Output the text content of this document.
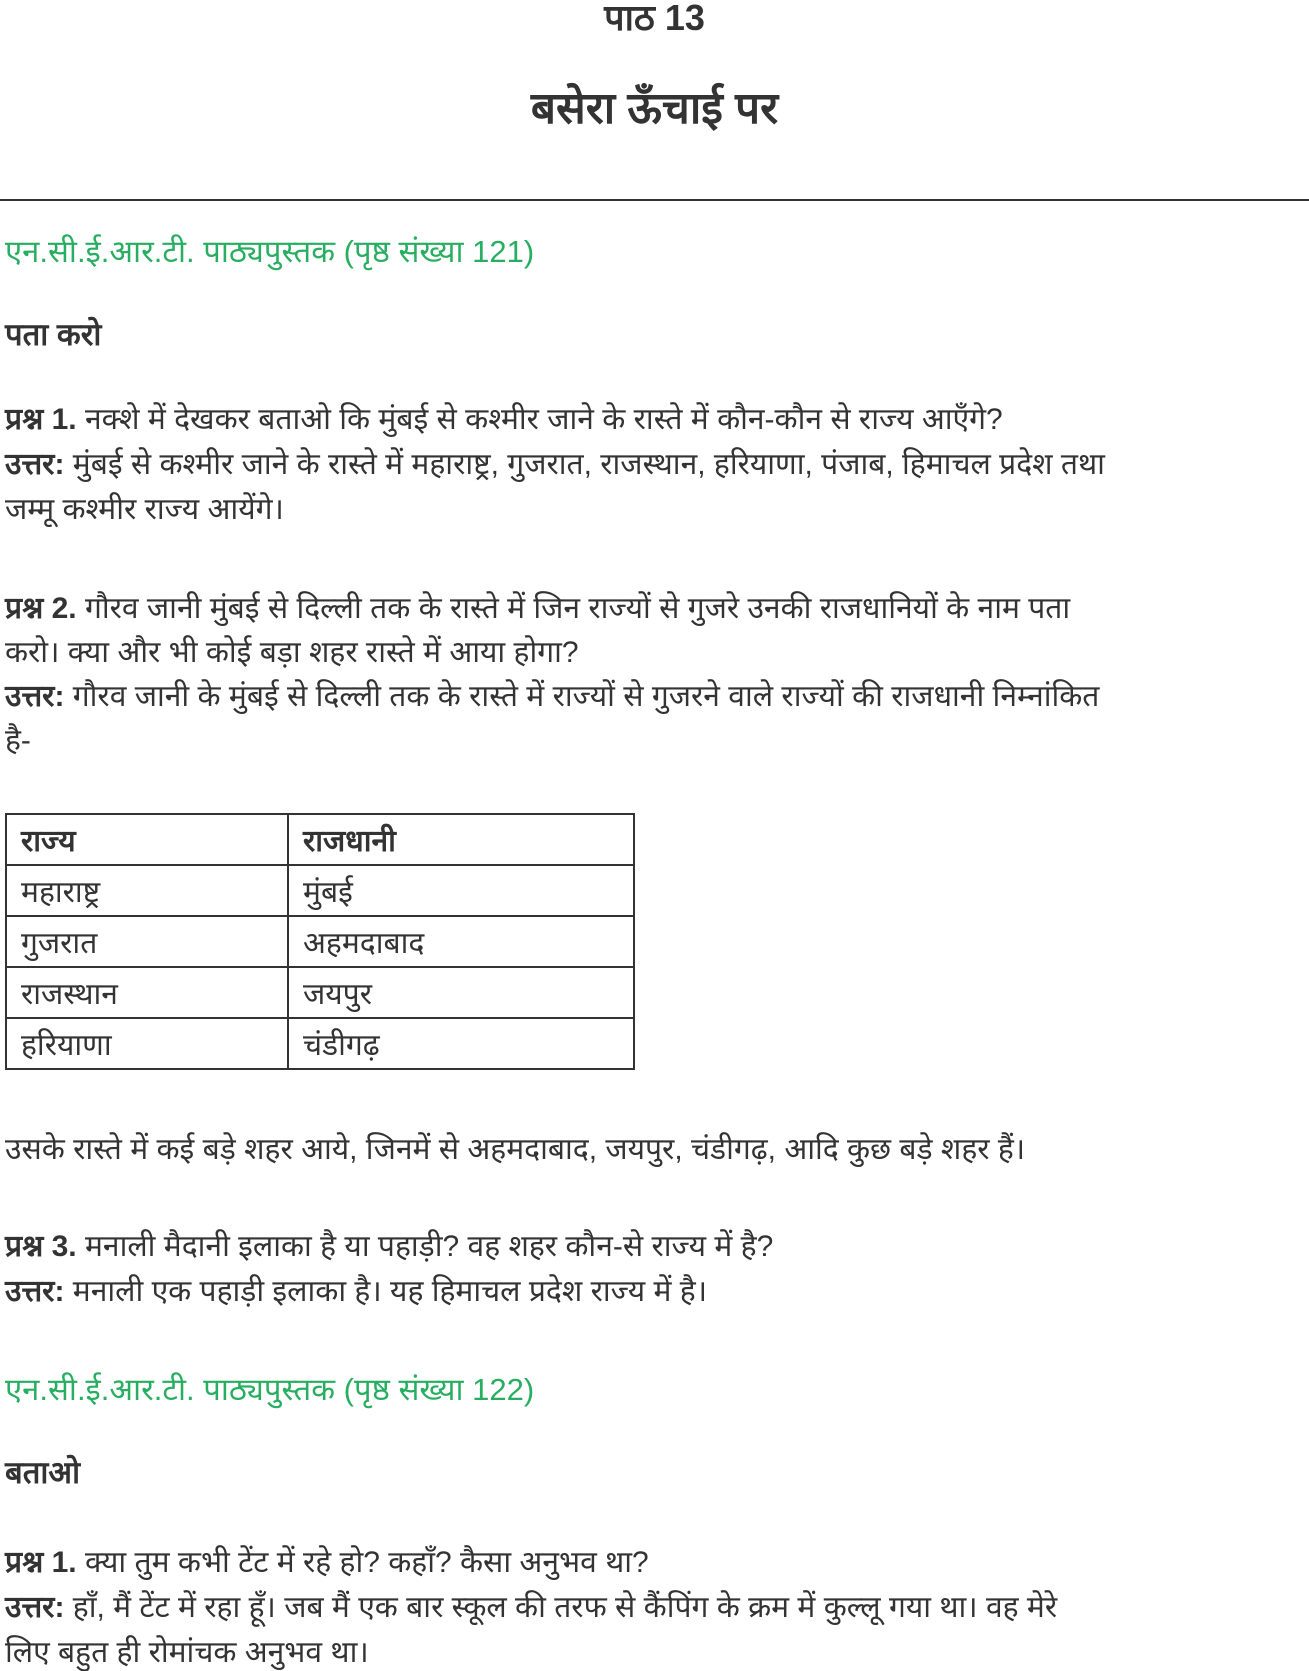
पाठ 13
बसेरा ऊँचाई पर
एन.सी.ई.आर.टी. पाठ्यपुस्तक (पृष्ठ संख्या 121)
पता करो
प्रश्न 1. नक्शे में देखकर बताओ कि मुंबई से कश्मीर जाने के रास्ते में कौन-कौन से राज्य आएँगे?
उत्तर: मुंबई से कश्मीर जाने के रास्ते में महाराष्ट्र, गुजरात, राजस्थान, हरियाणा, पंजाब, हिमाचल प्रदेश तथा
जम्मू कश्मीर राज्य आयेंगे।
प्रश्न 2. गौरव जानी मुंबई से दिल्ली तक के रास्ते में जिन राज्यों से गुजरे उनकी राजधानियों के नाम पता
करो। क्या और भी कोई बड़ा शहर रास्ते में आया होगा?
उत्तर: गौरव जानी के मुंबई से दिल्ली तक के रास्ते में राज्यों से गुजरने वाले राज्यों की राजधानी निम्नांकित
है-
राज्य	राजधानी
महाराष्ट्र	मुंबई
गुजरात	अहमदाबाद
राजस्थान	जयपुर
हरियाणा	चंडीगढ़
उसके रास्ते में कई बड़े शहर आये, जिनमें से अहमदाबाद, जयपुर, चंडीगढ़, आदि कुछ बड़े शहर हैं।
प्रश्न 3. मनाली मैदानी इलाका है या पहाड़ी? वह शहर कौन-से राज्य में है?
उत्तर: मनाली एक पहाड़ी इलाका है। यह हिमाचल प्रदेश राज्य में है।
एन.सी.ई.आर.टी. पाठ्यपुस्तक (पृष्ठ संख्या 122)
बताओ
प्रश्न 1. क्या तुम कभी टेंट में रहे हो? कहाँ? कैसा अनुभव था?
उत्तर: हाँ, मैं टेंट में रहा हूँ। जब मैं एक बार स्कूल की तरफ से कैंपिंग के क्रम में कुल्लू गया था। वह मेरे
लिए बहुत ही रोमांचक अनुभव था।
